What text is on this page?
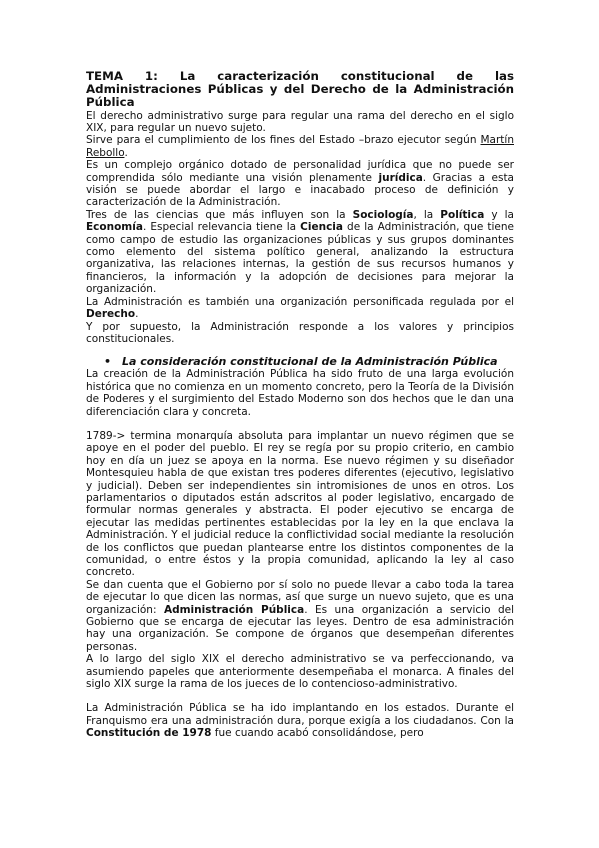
TEMA 1: La caracterización constitucional de las Administraciones Públicas y del Derecho de la Administración Pública

El derecho administrativo surge para regular una rama del derecho en el siglo XIX, para regular un nuevo sujeto.

Sirve para el cumplimiento de los fines del Estado –brazo ejecutor según Martín Rebollo.

Es un complejo orgánico dotado de personalidad jurídica que no puede ser comprendida sólo mediante una visión plenamente jurídica. Gracias a esta visión se puede abordar el largo e inacabado proceso de definición y caracterización de la Administración.

Tres de las ciencias que más influyen son la Sociología, la Política y la Economía. Especial relevancia tiene la Ciencia de la Administración, que tiene como campo de estudio las organizaciones públicas y sus grupos dominantes como elemento del sistema político general, analizando la estructura organizativa, las relaciones internas, la gestión de sus recursos humanos y financieros, la información y la adopción de decisiones para mejorar la organización.

La Administración es también una organización personificada regulada por el Derecho.

Y por supuesto, la Administración responde a los valores y principios constitucionales.

• La consideración constitucional de la Administración Pública

La creación de la Administración Pública ha sido fruto de una larga evolución histórica que no comienza en un momento concreto, pero la Teoría de la División de Poderes y el surgimiento del Estado Moderno son dos hechos que le dan una diferenciación clara y concreta.

1789-> termina monarquía absoluta para implantar un nuevo régimen que se apoye en el poder del pueblo. El rey se regía por su propio criterio, en cambio hoy en día un juez se apoya en la norma. Ese nuevo régimen y su diseñador Montesquieu habla de que existan tres poderes diferentes (ejecutivo, legislativo y judicial). Deben ser independientes sin intromisiones de unos en otros. Los parlamentarios o diputados están adscritos al poder legislativo, encargado de formular normas generales y abstracta. El poder ejecutivo se encarga de ejecutar las medidas pertinentes establecidas por la ley en la que enclava la Administración. Y el judicial reduce la conflictividad social mediante la resolución de los conflictos que puedan plantearse entre los distintos componentes de la comunidad, o entre éstos y la propia comunidad, aplicando la ley al caso concreto.

Se dan cuenta que el Gobierno por sí solo no puede llevar a cabo toda la tarea de ejecutar lo que dicen las normas, así que surge un nuevo sujeto, que es una organización: Administración Pública. Es una organización a servicio del Gobierno que se encarga de ejecutar las leyes. Dentro de esa administración hay una organización. Se compone de órganos que desempeñan diferentes personas.

A lo largo del siglo XIX el derecho administrativo se va perfeccionando, va asumiendo papeles que anteriormente desempeñaba el monarca. A finales del siglo XIX surge la rama de los jueces de lo contencioso-administrativo.

La Administración Pública se ha ido implantando en los estados. Durante el Franquismo era una administración dura, porque exigía a los ciudadanos. Con la Constitución de 1978 fue cuando acabó consolidándose, pero
